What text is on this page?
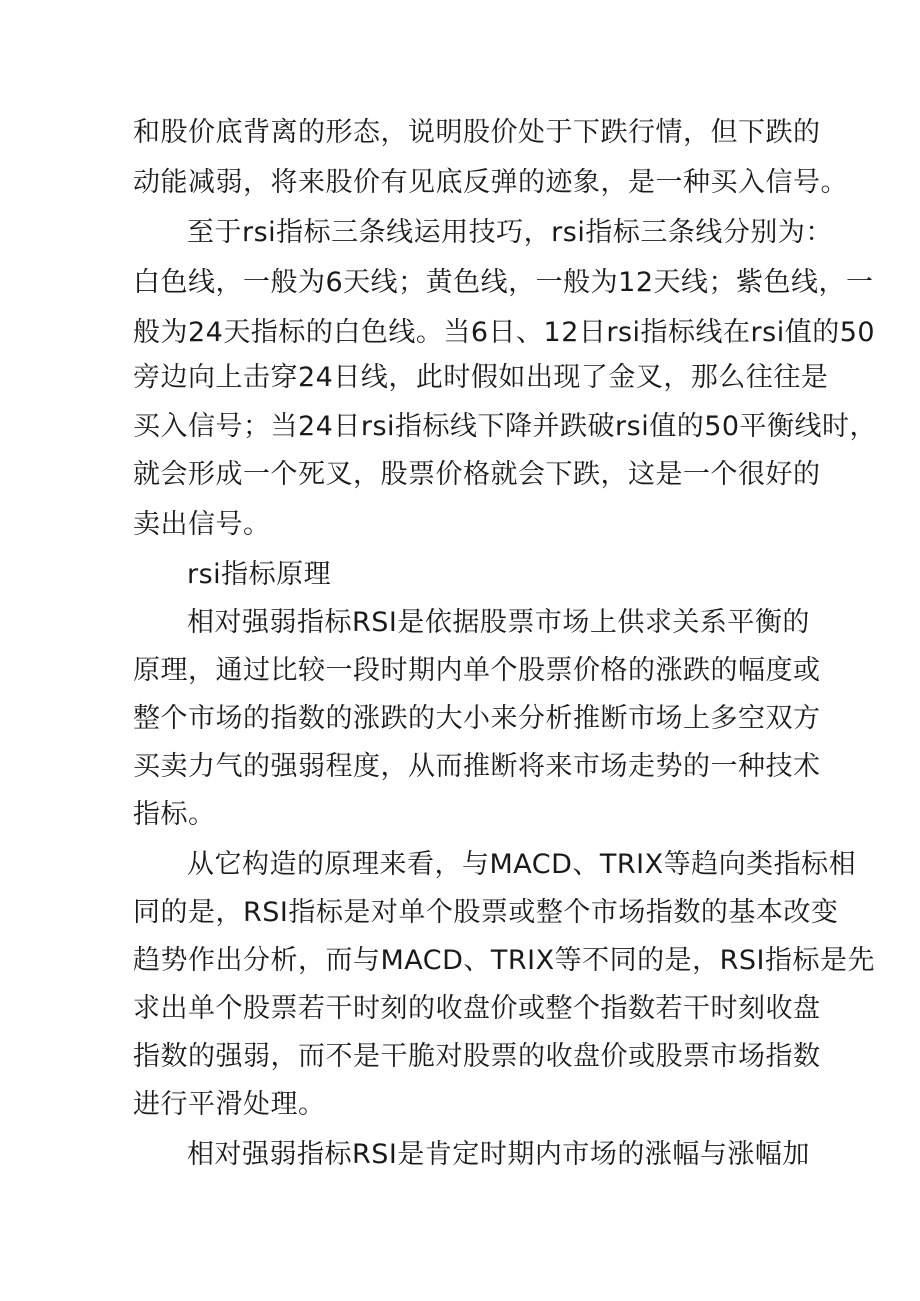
和股价底背离的形态，说明股价处于下跌行情，但下跌的
动能减弱，将来股价有见底反弹的迹象，是一种买入信号。
至于rsi指标三条线运用技巧，rsi指标三条线分别为：
白色线，一般为6天线；黄色线，一般为12天线；紫色线，一
般为24天指标的白色线。当6日、12日rsi指标线在rsi值的50
旁边向上击穿24日线，此时假如出现了金叉，那么往往是
买入信号；当24日rsi指标线下降并跌破rsi值的50平衡线时，
就会形成一个死叉，股票价格就会下跌，这是一个很好的
卖出信号。
rsi指标原理
相对强弱指标RSI是依据股票市场上供求关系平衡的
原理，通过比较一段时期内单个股票价格的涨跌的幅度或
整个市场的指数的涨跌的大小来分析推断市场上多空双方
买卖力气的强弱程度，从而推断将来市场走势的一种技术
指标。
从它构造的原理来看，与MACD、TRIX等趋向类指标相
同的是，RSI指标是对单个股票或整个市场指数的基本改变
趋势作出分析，而与MACD、TRIX等不同的是，RSI指标是先
求出单个股票若干时刻的收盘价或整个指数若干时刻收盘
指数的强弱，而不是干脆对股票的收盘价或股票市场指数
进行平滑处理。
相对强弱指标RSI是肯定时期内市场的涨幅与涨幅加
